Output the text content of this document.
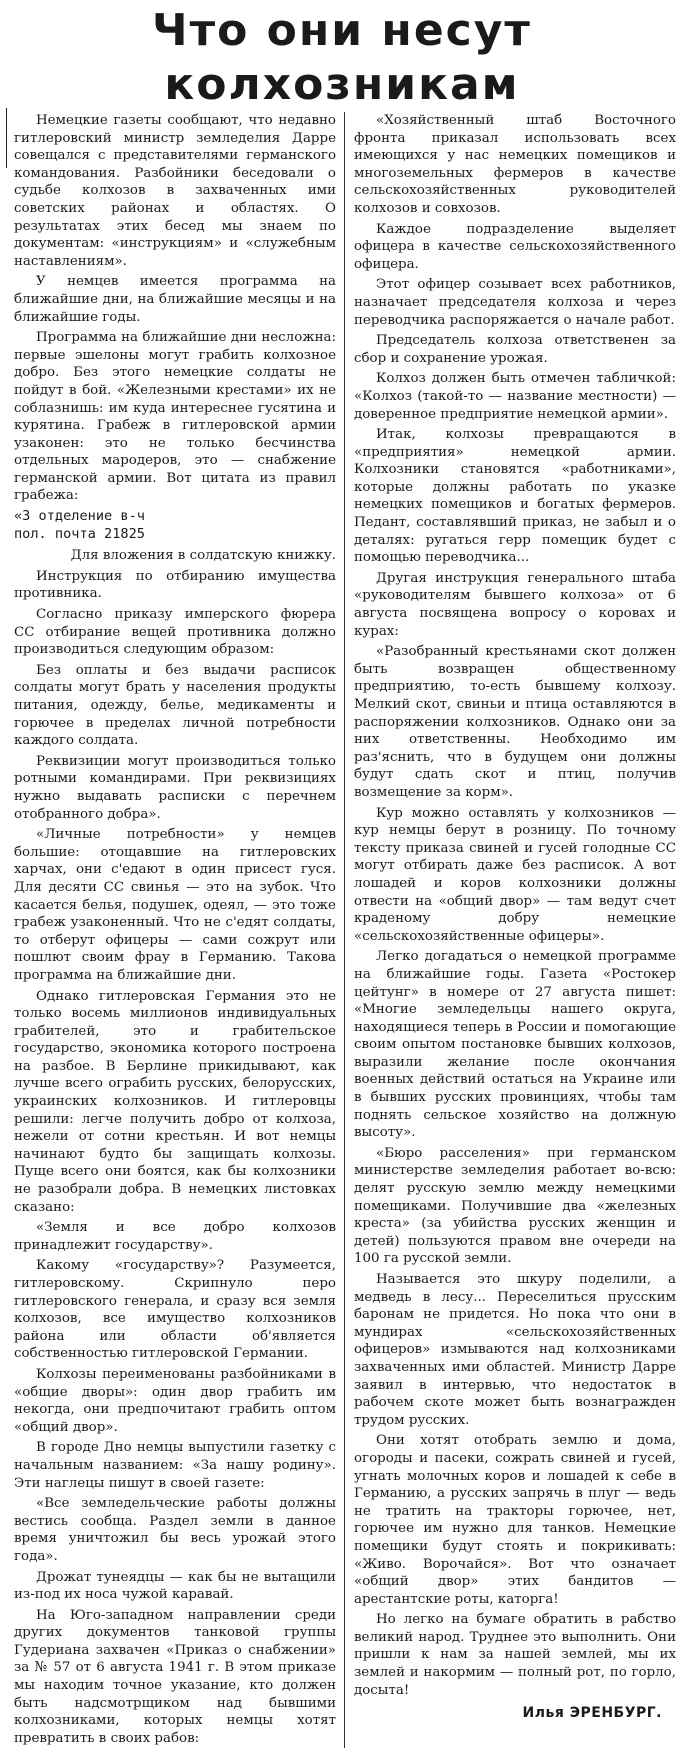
Что они несут
колхозникам

Немецкие газеты сообщают, что недавно гитлеровский министр земледелия Дарре совещался с представителями германского командования. Разбойники беседовали о судьбе колхозов в захваченных ими советских районах и областях. О результатах этих бесед мы знаем по документам: «инструкциям» и «служебным наставлениям».

У немцев имеется программа на ближайшие дни, на ближайшие месяцы и на ближайшие годы.

Программа на ближайшие дни несложна: первые эшелоны могут грабить колхозное добро. Без этого немецкие солдаты не пойдут в бой. «Железными крестами» их не соблазнишь: им куда интереснее гусятина и курятина. Грабеж в гитлеровской армии узаконен: это не только бесчинства отдельных мародеров, это — снабжение германской армии. Вот цитата из правил грабежа:

«3 отделение в-ч
пол. почта 21825

Для вложения в солдатскую книжку.

Инструкция по отбиранию имущества противника.

Согласно приказу имперского фюрера СС отбирание вещей противника должно производиться следующим образом:

Без оплаты и без выдачи расписок солдаты могут брать у населения продукты питания, одежду, белье, медикаменты и горючее в пределах личной потребности каждого солдата.

Реквизиции могут производиться только ротными командирами. При реквизициях нужно выдавать расписки с перечнем отобранного добра».

«Личные потребности» у немцев большие: отощавшие на гитлеровских харчах, они с'едают в один присест гуся. Для десяти СС свинья — это на зубок. Что касается белья, подушек, одеял, — это тоже грабеж узаконенный. Что не с'едят солдаты, то отберут офицеры — сами сожрут или пошлют своим фрау в Германию. Такова программа на ближайшие дни.

Однако гитлеровская Германия это не только восемь миллионов индивидуальных грабителей, это и грабительское государство, экономика которого построена на разбое. В Берлине прикидывают, как лучше всего ограбить русских, белорусских, украинских колхозников. И гитлеровцы решили: легче получить добро от колхоза, нежели от сотни крестьян. И вот немцы начинают будто бы защищать колхозы. Пуще всего они боятся, как бы колхозники не разобрали добра. В немецких листовках сказано:

«Земля и все добро колхозов принадлежит государству».

Какому «государству»? Разумеется, гитлеровскому. Скрипнуло перо гитлеровского генерала, и сразу вся земля колхозов, все имущество колхозников района или области об'является собственностью гитлеровской Германии.

Колхозы переименованы разбойниками в «общие дворы»: один двор грабить им некогда, они предпочитают грабить оптом «общий двор».

В городе Дно немцы выпустили газетку с начальным названием: «За нашу родину». Эти наглецы пишут в своей газете:

«Все земледельческие работы должны вестись сообща. Раздел земли в данное время уничтожил бы весь урожай этого года».

Дрожат тунеядцы — как бы не вытащили из-под их носа чужой каравай.

На Юго-западном направлении среди других документов танковой группы Гудериана захвачен «Приказ о снабжении» за № 57 от 6 августа 1941 г. В этом приказе мы находим точное указание, кто должен быть надсмотрщиком над бывшими колхозниками, которых немцы хотят превратить в своих рабов:

«Хозяйственный штаб Восточного фронта приказал использовать всех имеющихся у нас немецких помещиков и многоземельных фермеров в качестве сельскохозяйственных руководителей колхозов и совхозов.

Каждое подразделение выделяет офицера в качестве сельскохозяйственного офицера.

Этот офицер созывает всех работников, назначает председателя колхоза и через переводчика распоряжается о начале работ.

Председатель колхоза ответственен за сбор и сохранение урожая.

Колхоз должен быть отмечен табличкой: «Колхоз (такой-то — название местности) — доверенное предприятие немецкой армии».

Итак, колхозы превращаются в «предприятия» немецкой армии. Колхозники становятся «работниками», которые должны работать по указке немецких помещиков и богатых фермеров. Педант, составлявший приказ, не забыл и о деталях: ругаться герр помещик будет с помощью переводчика...

Другая инструкция генерального штаба «руководителям бывшего колхоза» от 6 августа посвящена вопросу о коровах и курах:

«Разобранный крестьянами скот должен быть возвращен общественному предприятию, то-есть бывшему колхозу. Мелкий скот, свиньи и птица оставляются в распоряжении колхозников. Однако они за них ответственны. Необходимо им раз'яснить, что в будущем они должны будут сдать скот и птиц, получив возмещение за корм».

Кур можно оставлять у колхозников — кур немцы берут в розницу. По точному тексту приказа свиней и гусей голодные СС могут отбирать даже без расписок. А вот лошадей и коров колхозники должны отвести на «общий двор» — там ведут счет краденому добру немецкие «сельскохозяйственные офицеры».

Легко догадаться о немецкой программе на ближайшие годы. Газета «Ростокер цейтунг» в номере от 27 августа пишет: «Многие земледельцы нашего округа, находящиеся теперь в России и помогающие своим опытом постановке бывших колхозов, выразили желание после окончания военных действий остаться на Украине или в бывших русских провинциях, чтобы там поднять сельское хозяйство на должную высоту».

«Бюро расселения» при германском министерстве земледелия работает во-всю: делят русскую землю между немецкими помещиками. Получившие два «железных креста» (за убийства русских женщин и детей) пользуются правом вне очереди на 100 га русской земли.

Называется это шкуру поделили, а медведь в лесу... Переселиться прусским баронам не придется. Но пока что они в мундирах «сельскохозяйственных офицеров» измываются над колхозниками захваченных ими областей. Министр Дарре заявил в интервью, что недостаток в рабочем скоте может быть вознагражден трудом русских.

Они хотят отобрать землю и дома, огороды и пасеки, сожрать свиней и гусей, угнать молочных коров и лошадей к себе в Германию, а русских запрячь в плуг — ведь не тратить на тракторы горючее, нет, горючее им нужно для танков. Немецкие помещики будут стоять и покрикивать: «Живо. Ворочайся». Вот что означает «общий двор» этих бандитов — арестантские роты, каторга!

Но легко на бумаге обратить в рабство великий народ. Труднее это выполнить. Они пришли к нам за нашей землей, мы их землей и накормим — полный рот, по горло, досыта!

Илья ЭРЕНБУРГ.
